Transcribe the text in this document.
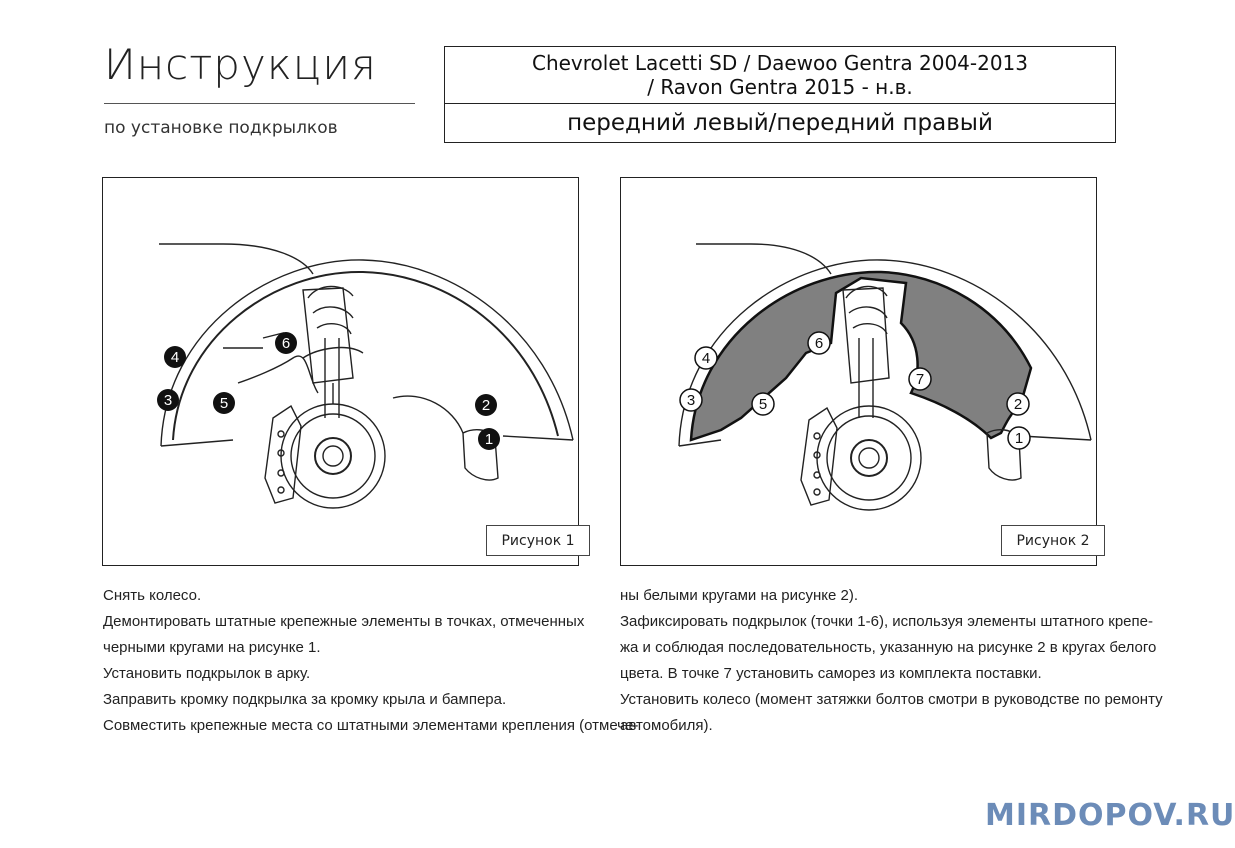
Инструкция
по установке подкрылков
Chevrolet Lacetti SD / Daewoo Gentra 2004-2013
/ Ravon Gentra 2015 - н.в.
передний левый/передний правый
1
2
3
4
5
6
Рисунок 1
1
2
3
4
5
6
7
Рисунок 2

Снять колесо.

Демонтировать штатные крепежные элементы в точках, отмеченных

черными кругами на рисунке 1.

Установить подкрылок в арку.

Заправить кромку подкрылка за кромку крыла и бампера.

Совместить крепежные места со штатными элементами крепления (отмече-

ны белыми кругами на рисунке 2).

Зафиксировать подкрылок (точки 1-6), используя элементы штатного крепе-

жа и соблюдая последовательность, указанную на рисунке 2 в кругах белого

цвета. В точке 7 установить саморез из комплекта поставки.

Установить колесо (момент затяжки болтов смотри в руководстве по ремонту

автомобиля).

MIRDOPOV.RU
